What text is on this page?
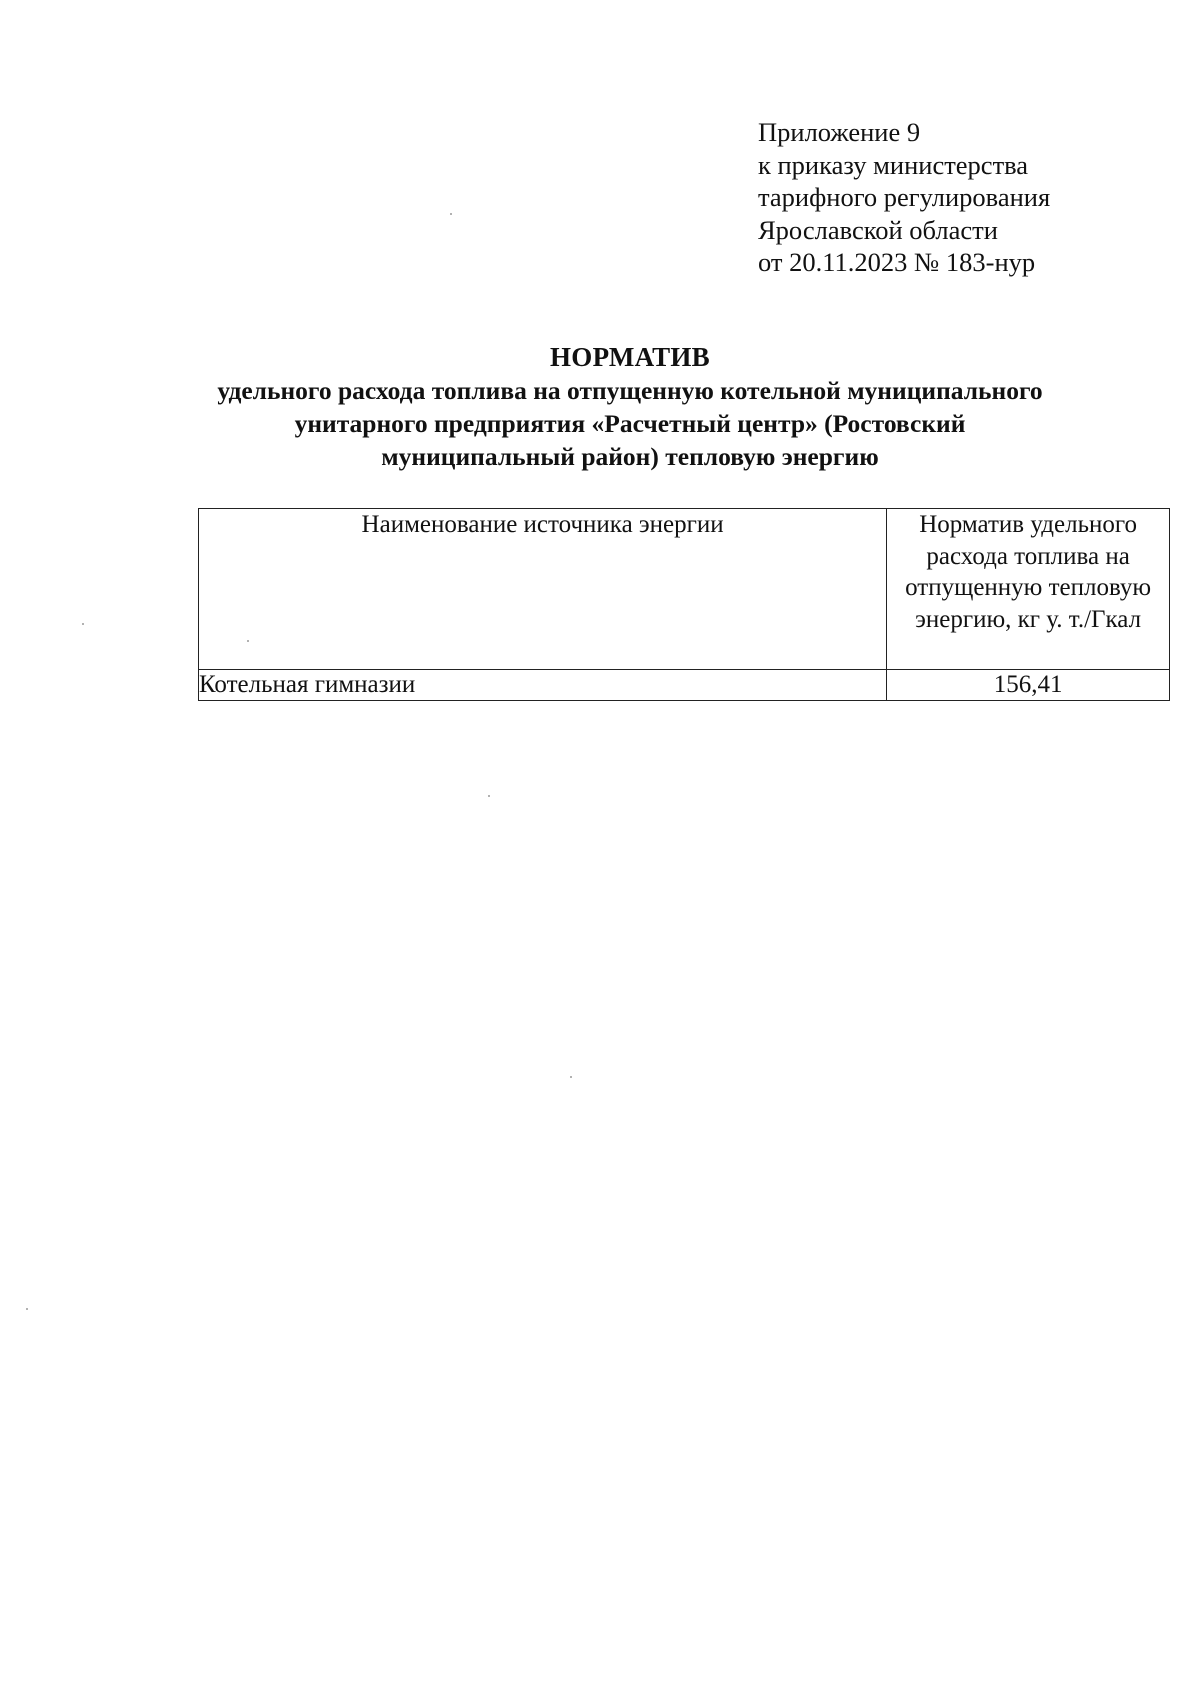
Приложение 9
к приказу министерства
тарифного регулирования
Ярославской области
от 20.11.2023 № 183-нур
НОРМАТИВ
удельного расхода топлива на отпущенную котельной муниципального
унитарного предприятия «Расчетный центр» (Ростовский
муниципальный район) тепловую энергию
Наименование источника энергии	Норматив удельного расхода топлива на отпущенную тепловую энергию, кг у. т./Гкал
Котельная гимназии	156,41
